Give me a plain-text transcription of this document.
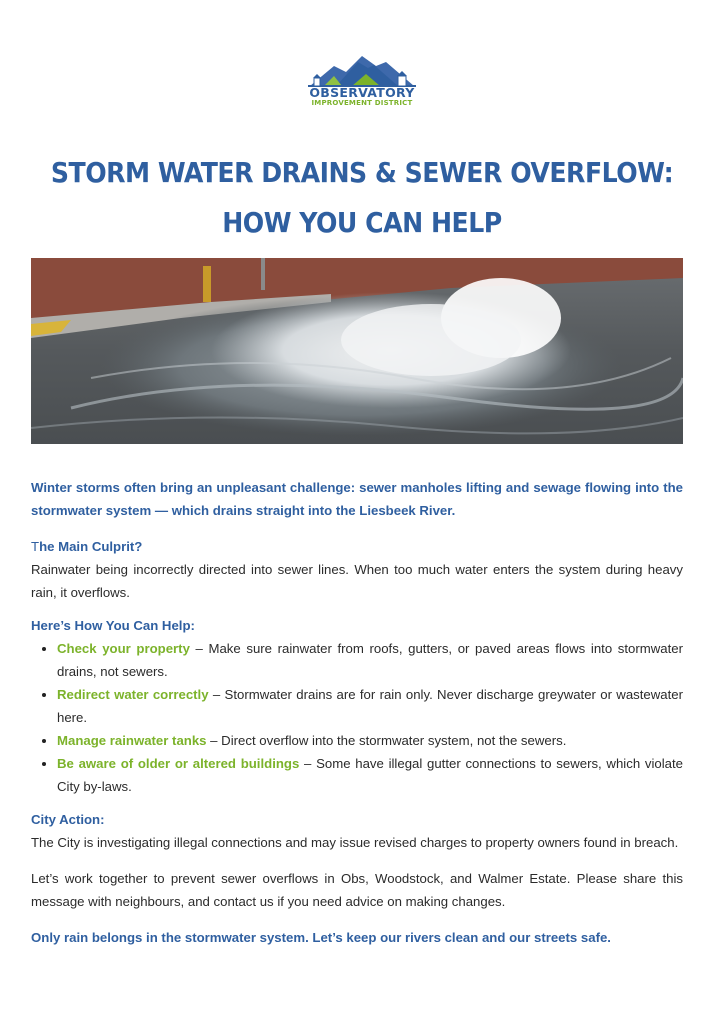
OBSERVATORY
IMPROVEMENT DISTRICT
STORM WATER DRAINS & SEWER OVERFLOW:
HOW YOU CAN HELP

Winter storms often bring an unpleasant challenge: sewer manholes lifting and sewage flowing into the stormwater system — which drains straight into the Liesbeek River.

The Main Culprit?

Rainwater being incorrectly directed into sewer lines. When too much water enters the system during heavy rain, it overflows.

Here’s How You Can Help:

• Check your property – Make sure rainwater from roofs, gutters, or paved areas flows into stormwater drains, not sewers.
• Redirect water correctly – Stormwater drains are for rain only. Never discharge greywater or wastewater here.
• Manage rainwater tanks – Direct overflow into the stormwater system, not the sewers.
• Be aware of older or altered buildings – Some have illegal gutter connections to sewers, which violate City by-laws.

City Action:

The City is investigating illegal connections and may issue revised charges to property owners found in breach.

Let’s work together to prevent sewer overflows in Obs, Woodstock, and Walmer Estate. Please share this message with neighbours, and contact us if you need advice on making changes.

Only rain belongs in the stormwater system. Let’s keep our rivers clean and our streets safe.
